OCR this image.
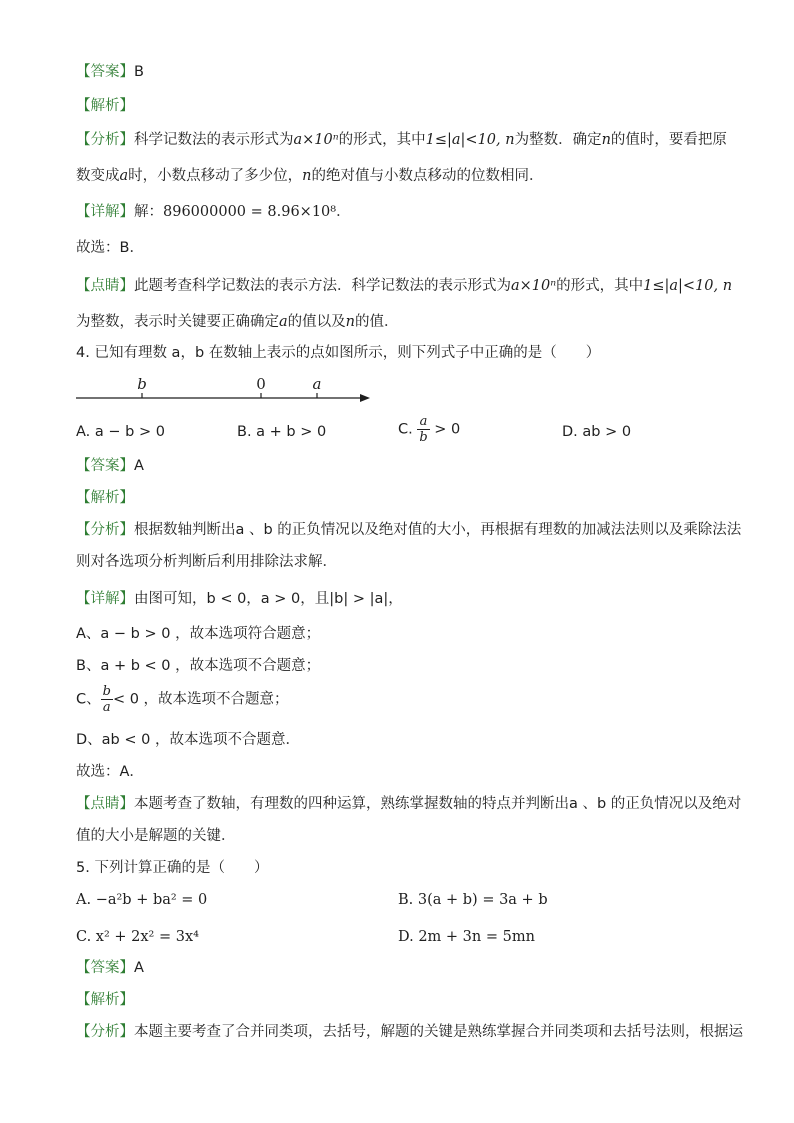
【答案】B
【解析】
【分析】科学记数法的表示形式为a×10ⁿ的形式，其中1≤|a|<10, n为整数．确定n的值时，要看把原
数变成a时，小数点移动了多少位，n的绝对值与小数点移动的位数相同．
【详解】解：896000000 = 8.96×10⁸．
故选：B．
【点睛】此题考查科学记数法的表示方法．科学记数法的表示形式为a×10ⁿ的形式，其中1≤|a|<10, n
为整数，表示时关键要正确确定a的值以及n的值．
4. 已知有理数 a，b 在数轴上表示的点如图所示，则下列式子中正确的是（　　）
b	0	a
A. a − b > 0	B. a + b > 0	C. $\frac{a}{b} > 0$	D. ab > 0
【答案】A
【解析】
【分析】根据数轴判断出a 、b 的正负情况以及绝对值的大小，再根据有理数的加减法法则以及乘除法法
则对各选项分析判断后利用排除法求解．
【详解】由图可知，b < 0，a > 0，且|b| > |a|，
A、a − b > 0 ，故本选项符合题意；
B、a + b < 0 ，故本选项不合题意；
C、 $\frac{b}{a} < 0$ ，故本选项不合题意；
D、ab < 0 ，故本选项不合题意．
故选：A．
【点睛】本题考查了数轴，有理数的四种运算，熟练掌握数轴的特点并判断出a 、b 的正负情况以及绝对
值的大小是解题的关键．
5. 下列计算正确的是（　　）
A. −a²b + ba² = 0	B. 3(a + b) = 3a + b
C. x² + 2x² = 3x⁴	D. 2m + 3n = 5mn
【答案】A
【解析】
【分析】本题主要考查了合并同类项，去括号，解题的关键是熟练掌握合并同类项和去括号法则，根据运
